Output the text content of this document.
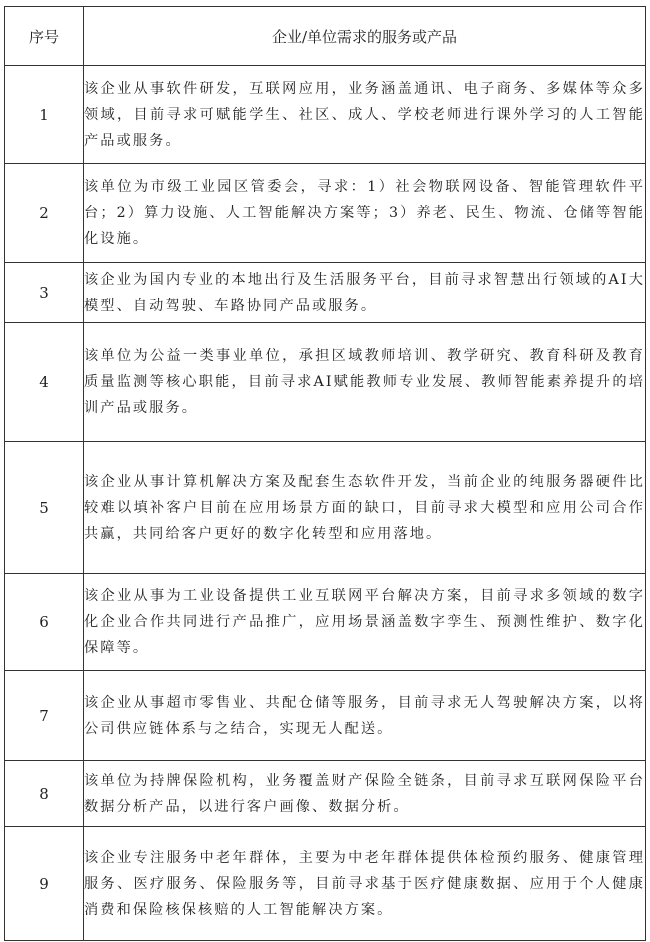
序号	企业/单位需求的服务或产品
1	该企业从事软件研发，互联网应用，业务涵盖通讯、电子商务、多媒体等众多领域，目前寻求可赋能学生、社区、成人、学校老师进行课外学习的人工智能产品或服务。
2	该单位为市级工业园区管委会，寻求：1）社会物联网设备、智能管理软件平台；2）算力设施、人工智能解决方案等；3）养老、民生、物流、仓储等智能化设施。
3	该企业为国内专业的本地出行及生活服务平台，目前寻求智慧出行领域的AI大模型、自动驾驶、车路协同产品或服务。
4	该单位为公益一类事业单位，承担区域教师培训、教学研究、教育科研及教育质量监测等核心职能，目前寻求AI赋能教师专业发展、教师智能素养提升的培训产品或服务。
5	该企业从事计算机解决方案及配套生态软件开发，当前企业的纯服务器硬件比较难以填补客户目前在应用场景方面的缺口，目前寻求大模型和应用公司合作共赢，共同给客户更好的数字化转型和应用落地。
6	该企业从事为工业设备提供工业互联网平台解决方案，目前寻求多领域的数字化企业合作共同进行产品推广，应用场景涵盖数字孪生、预测性维护、数字化保障等。
7	该企业从事超市零售业、共配仓储等服务，目前寻求无人驾驶解决方案，以将公司供应链体系与之结合，实现无人配送。
8	该单位为持牌保险机构，业务覆盖财产保险全链条，目前寻求互联网保险平台数据分析产品，以进行客户画像、数据分析。
9	该企业专注服务中老年群体，主要为中老年群体提供体检预约服务、健康管理服务、医疗服务、保险服务等，目前寻求基于医疗健康数据、应用于个人健康消费和保险核保核赔的人工智能解决方案。
